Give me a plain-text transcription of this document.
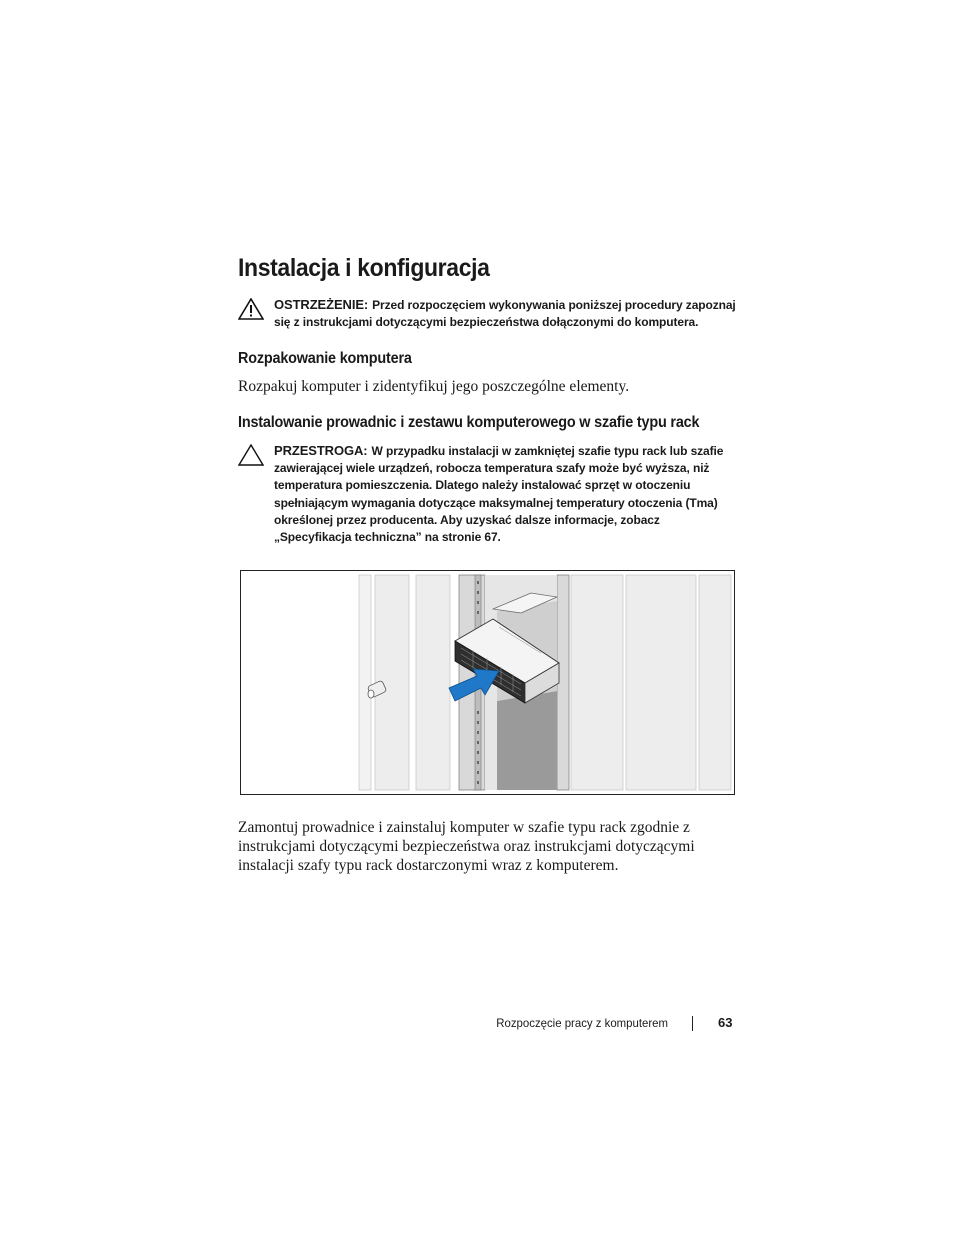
Instalacja i konfiguracja
OSTRZEŻENIE: Przed rozpoczęciem wykonywania poniższej procedury zapoznaj się z instrukcjami dotyczącymi bezpieczeństwa dołączonymi do komputera.
Rozpakowanie komputera

Rozpakuj komputer i zidentyfikuj jego poszczególne elementy.

Instalowanie prowadnic i zestawu komputerowego w szafie typu rack
PRZESTROGA: W przypadku instalacji w zamkniętej szafie typu rack lub szafie zawierającej wiele urządzeń, robocza temperatura szafy może być wyższa, niż temperatura pomieszczenia. Dlatego należy instalować sprzęt w otoczeniu spełniającym wymagania dotyczące maksymalnej temperatury otoczenia (Tma) określonej przez producenta. Aby uzyskać dalsze informacje, zobacz „Specyfikacja techniczna” na stronie 67.

Zamontuj prowadnice i zainstaluj komputer w szafie typu rack zgodnie z instrukcjami dotyczącymi bezpieczeństwa oraz instrukcjami dotyczącymi instalacji szafy typu rack dostarczonymi wraz z komputerem.

Rozpoczęcie pracy z komputerem	63
